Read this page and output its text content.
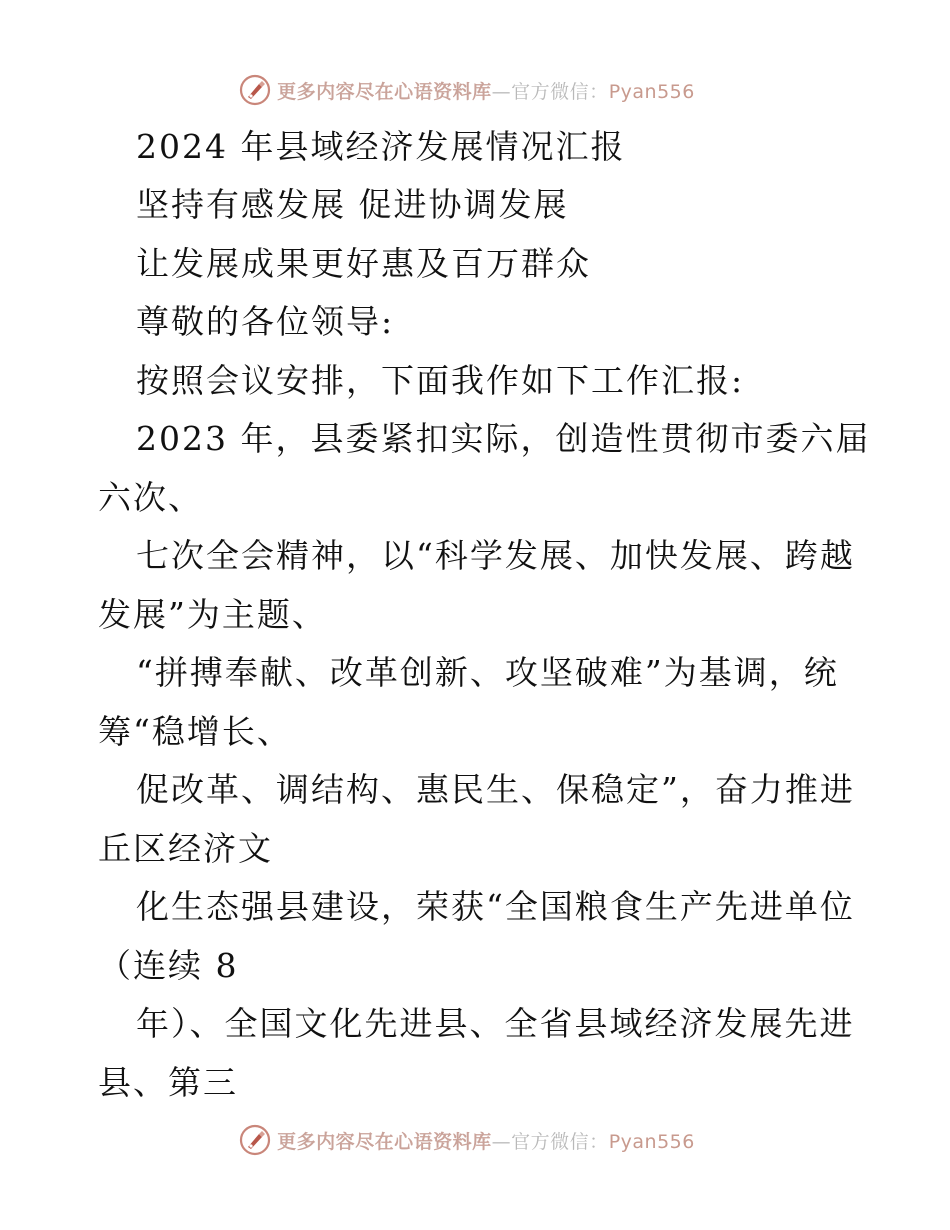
更多内容尽在心语资料库—官方微信：Pyan556
2024 年县域经济发展情况汇报
坚持有感发展 促进协调发展
让发展成果更好惠及百万群众
尊敬的各位领导:
按照会议安排，下面我作如下工作汇报:
2023 年，县委紧扣实际，创造性贯彻市委六届
六次、
七次全会精神，以“科学发展、加快发展、跨越
发展”为主题、
“拼搏奉献、改革创新、攻坚破难”为基调，统
筹“稳增长、
促改革、调结构、惠民生、保稳定”，奋力推进
丘区经济文
化生态强县建设，荣获“全国粮食生产先进单位
（连续 8
年）、全国文化先进县、全省县域经济发展先进
县、第三
更多内容尽在心语资料库—官方微信：Pyan556
